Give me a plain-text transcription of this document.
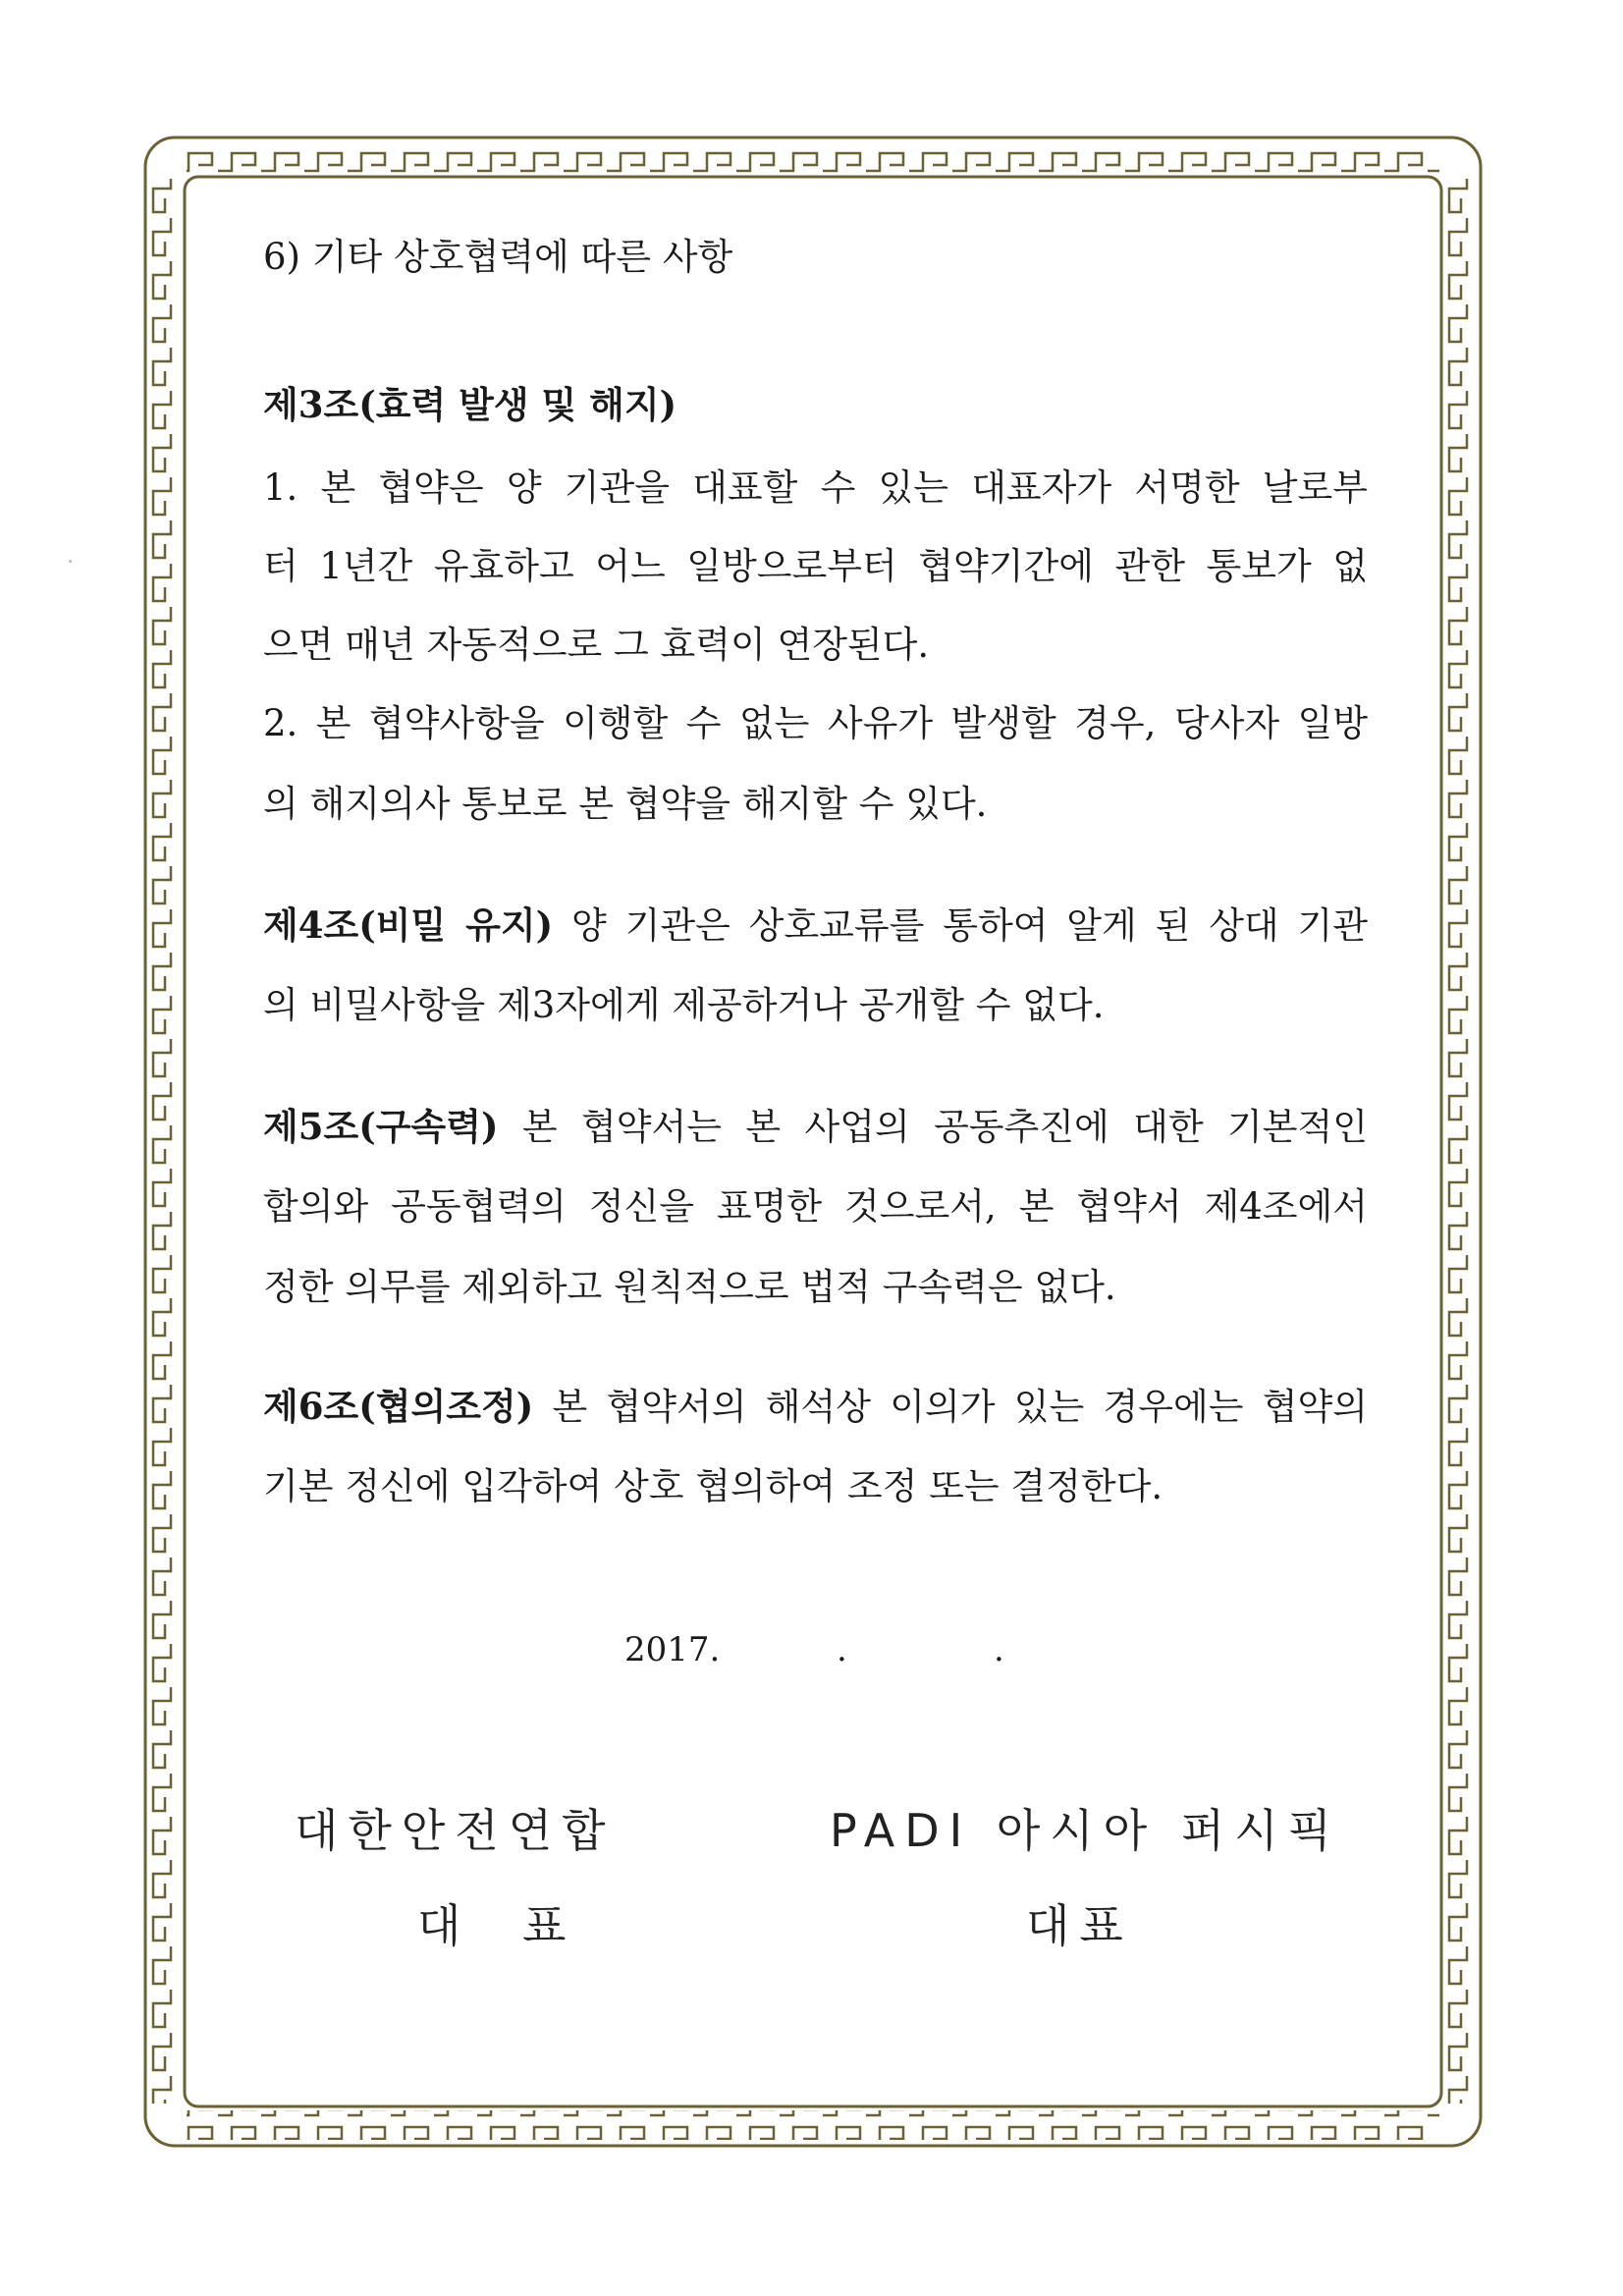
6) 기타 상호협력에 따른 사항
제3조(효력 발생 및 해지)
1. 본 협약은 양 기관을 대표할 수 있는 대표자가 서명한 날로부
터 1년간 유효하고 어느 일방으로부터 협약기간에 관한 통보가 없
으면 매년 자동적으로 그 효력이 연장된다.
2. 본 협약사항을 이행할 수 없는 사유가 발생할 경우, 당사자 일방
의 해지의사 통보로 본 협약을 해지할 수 있다.
제4조(비밀 유지) 양 기관은 상호교류를 통하여 알게 된 상대 기관
의 비밀사항을 제3자에게 제공하거나 공개할 수 없다.
제5조(구속력) 본 협약서는 본 사업의 공동추진에 대한 기본적인
합의와 공동협력의 정신을 표명한 것으로서, 본 협약서 제4조에서
정한 의무를 제외하고 원칙적으로 법적 구속력은 없다.
제6조(협의조정) 본 협약서의 해석상 이의가 있는 경우에는 협약의
기본 정신에 입각하여 상호 협의하여 조정 또는 결정한다.
2017.	.	.
대한안전연합	PADI 아시아 퍼시픽
대 표	대표
